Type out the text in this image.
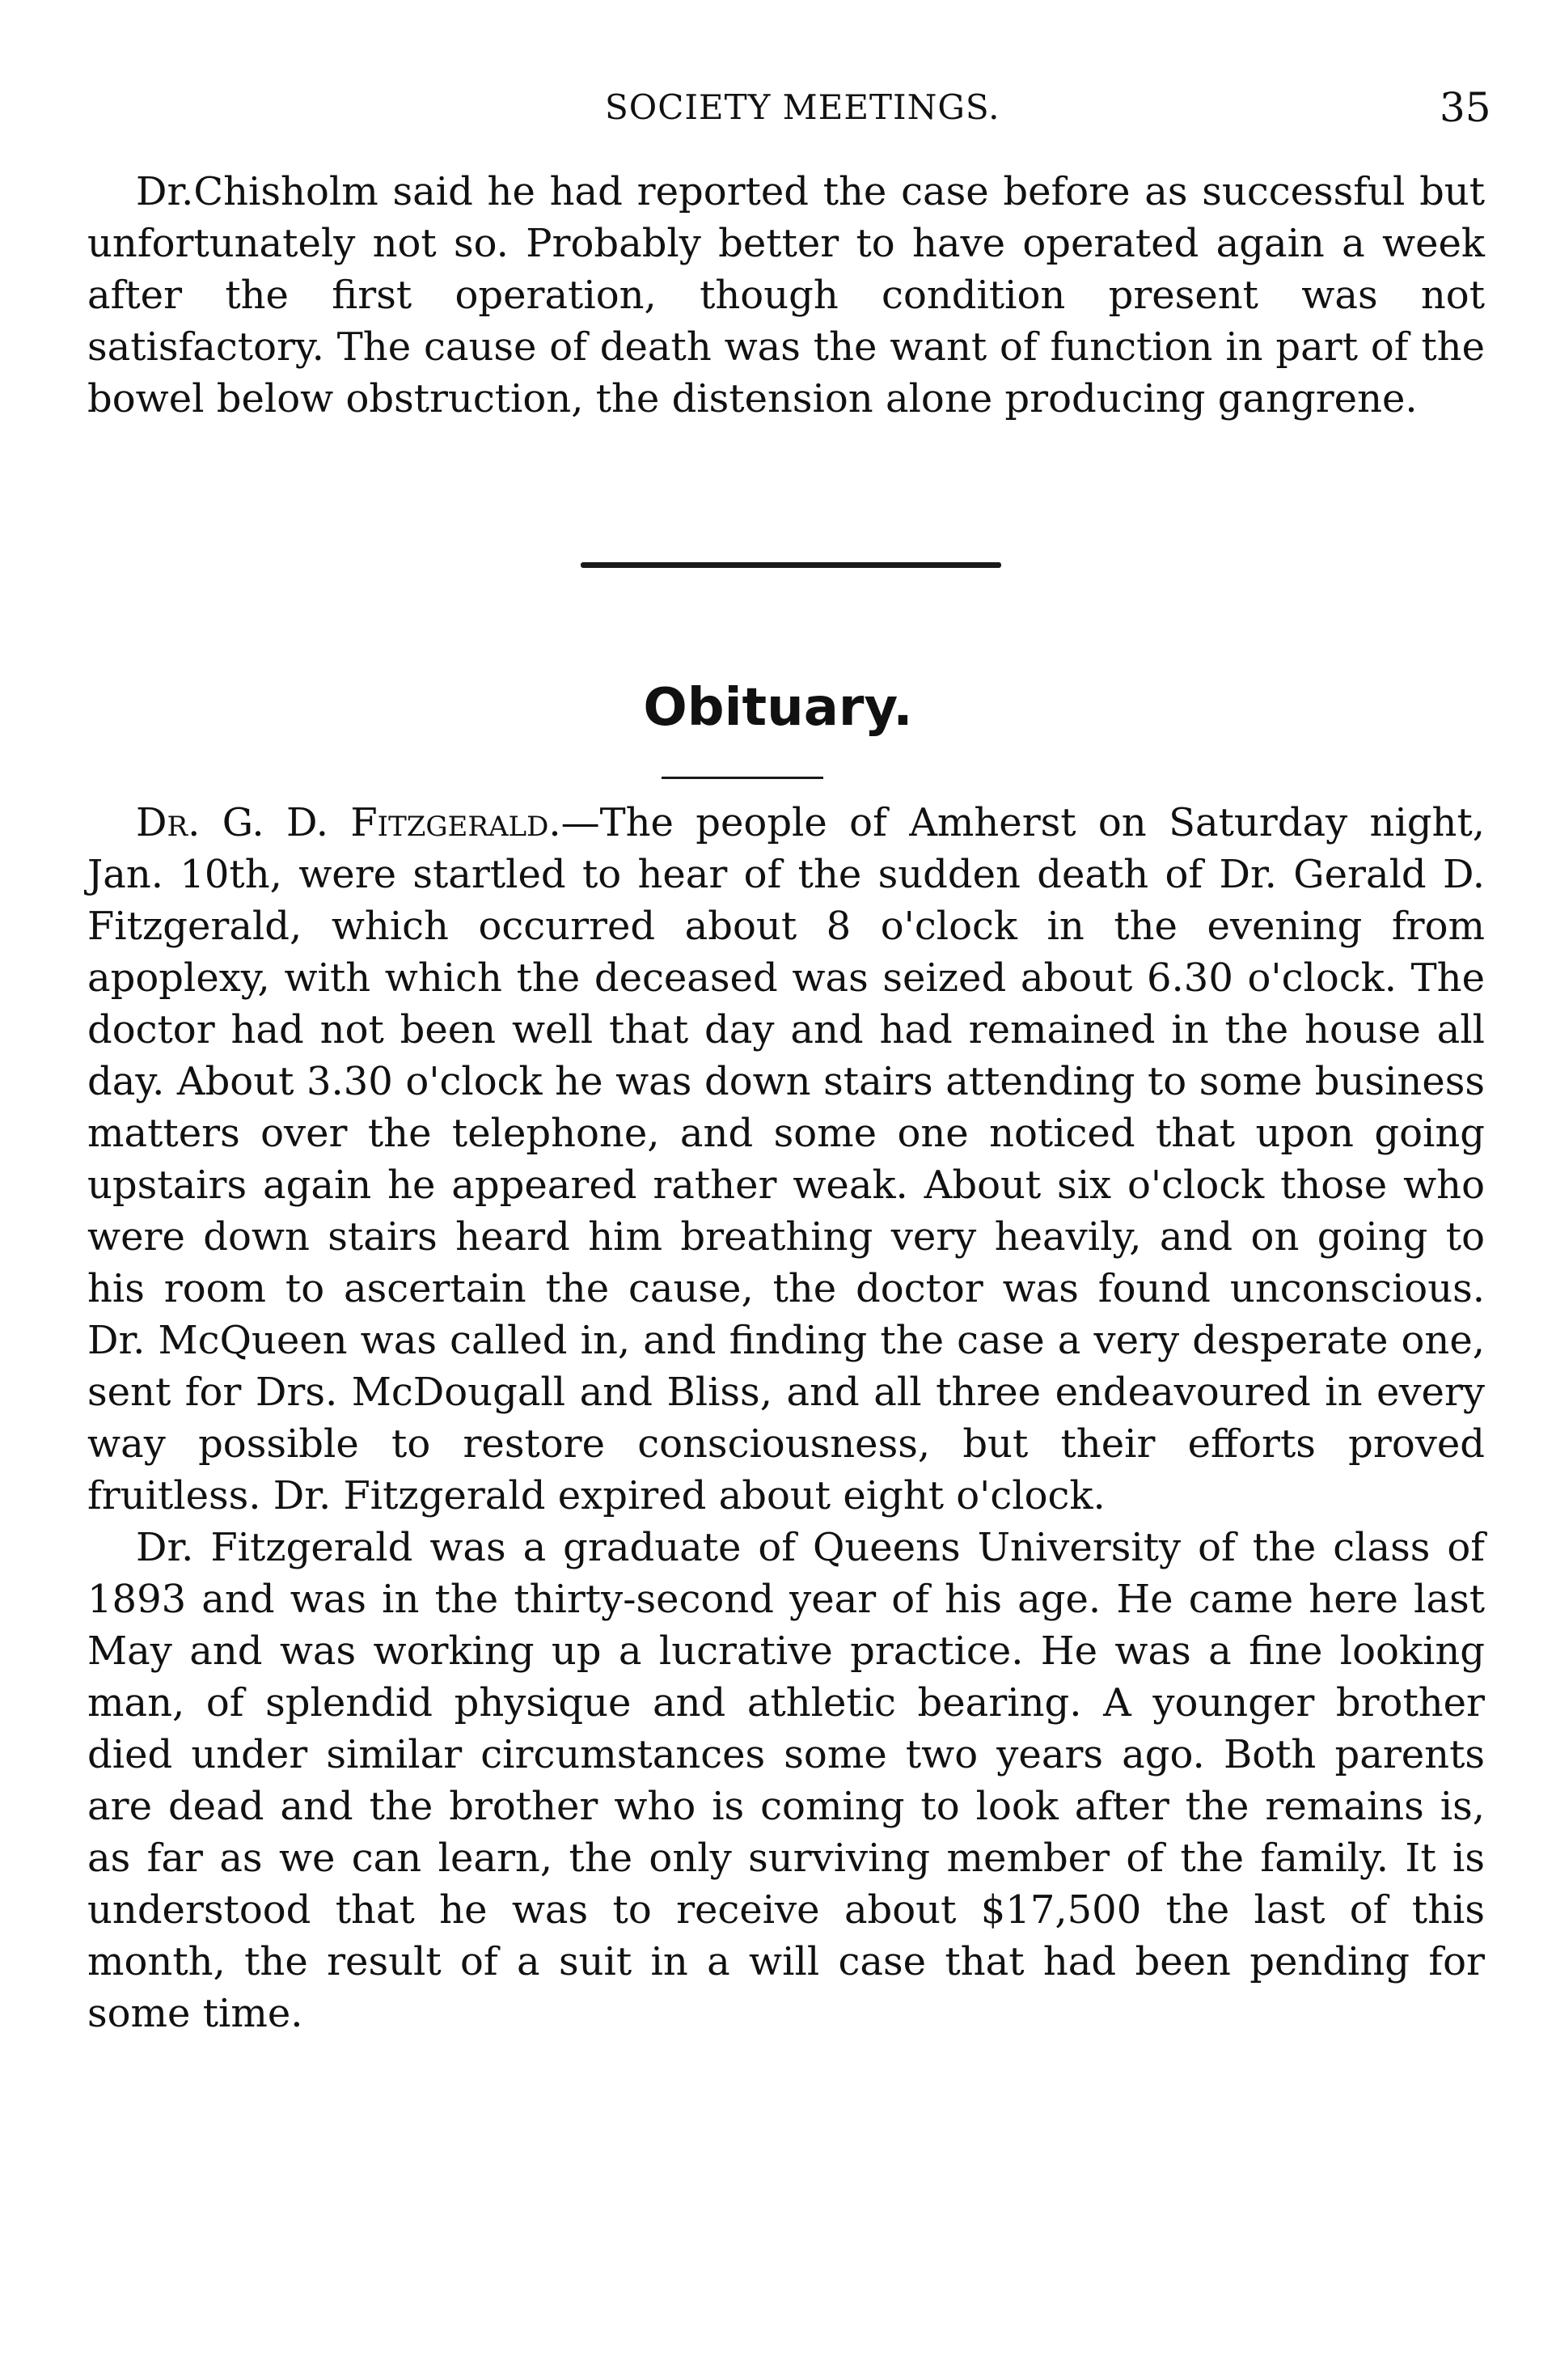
SOCIETY MEETINGS.	35

Dr.Chisholm said he had reported the case before as successful but unfortunately not so. Probably better to have operated again a week after the first operation, though condition present was not satisfactory. The cause of death was the want of function in part of the bowel below obstruction, the distension alone producing gangrene.

Obituary.

Dr. G. D. Fitzgerald.—The people of Amherst on Saturday night, Jan. 10th, were startled to hear of the sudden death of Dr. Gerald D. Fitzgerald, which occurred about 8 o'clock in the evening from apoplexy, with which the deceased was seized about 6.30 o'clock. The doctor had not been well that day and had remained in the house all day. About 3.30 o'clock he was down stairs attending to some business matters over the telephone, and some one noticed that upon going upstairs again he appeared rather weak. About six o'clock those who were down stairs heard him breathing very heavily, and on going to his room to ascertain the cause, the doctor was found unconscious. Dr. McQueen was called in, and finding the case a very desperate one, sent for Drs. McDougall and Bliss, and all three endeavoured in every way possible to restore consciousness, but their efforts proved fruitless. Dr. Fitzgerald expired about eight o'clock.

Dr. Fitzgerald was a graduate of Queens University of the class of 1893 and was in the thirty-second year of his age. He came here last May and was working up a lucrative practice. He was a fine looking man, of splendid physique and athletic bearing. A younger brother died under similar circumstances some two years ago. Both parents are dead and the brother who is coming to look after the remains is, as far as we can learn, the only surviving member of the family. It is understood that he was to receive about $17,500 the last of this month, the result of a suit in a will case that had been pending for some time.
